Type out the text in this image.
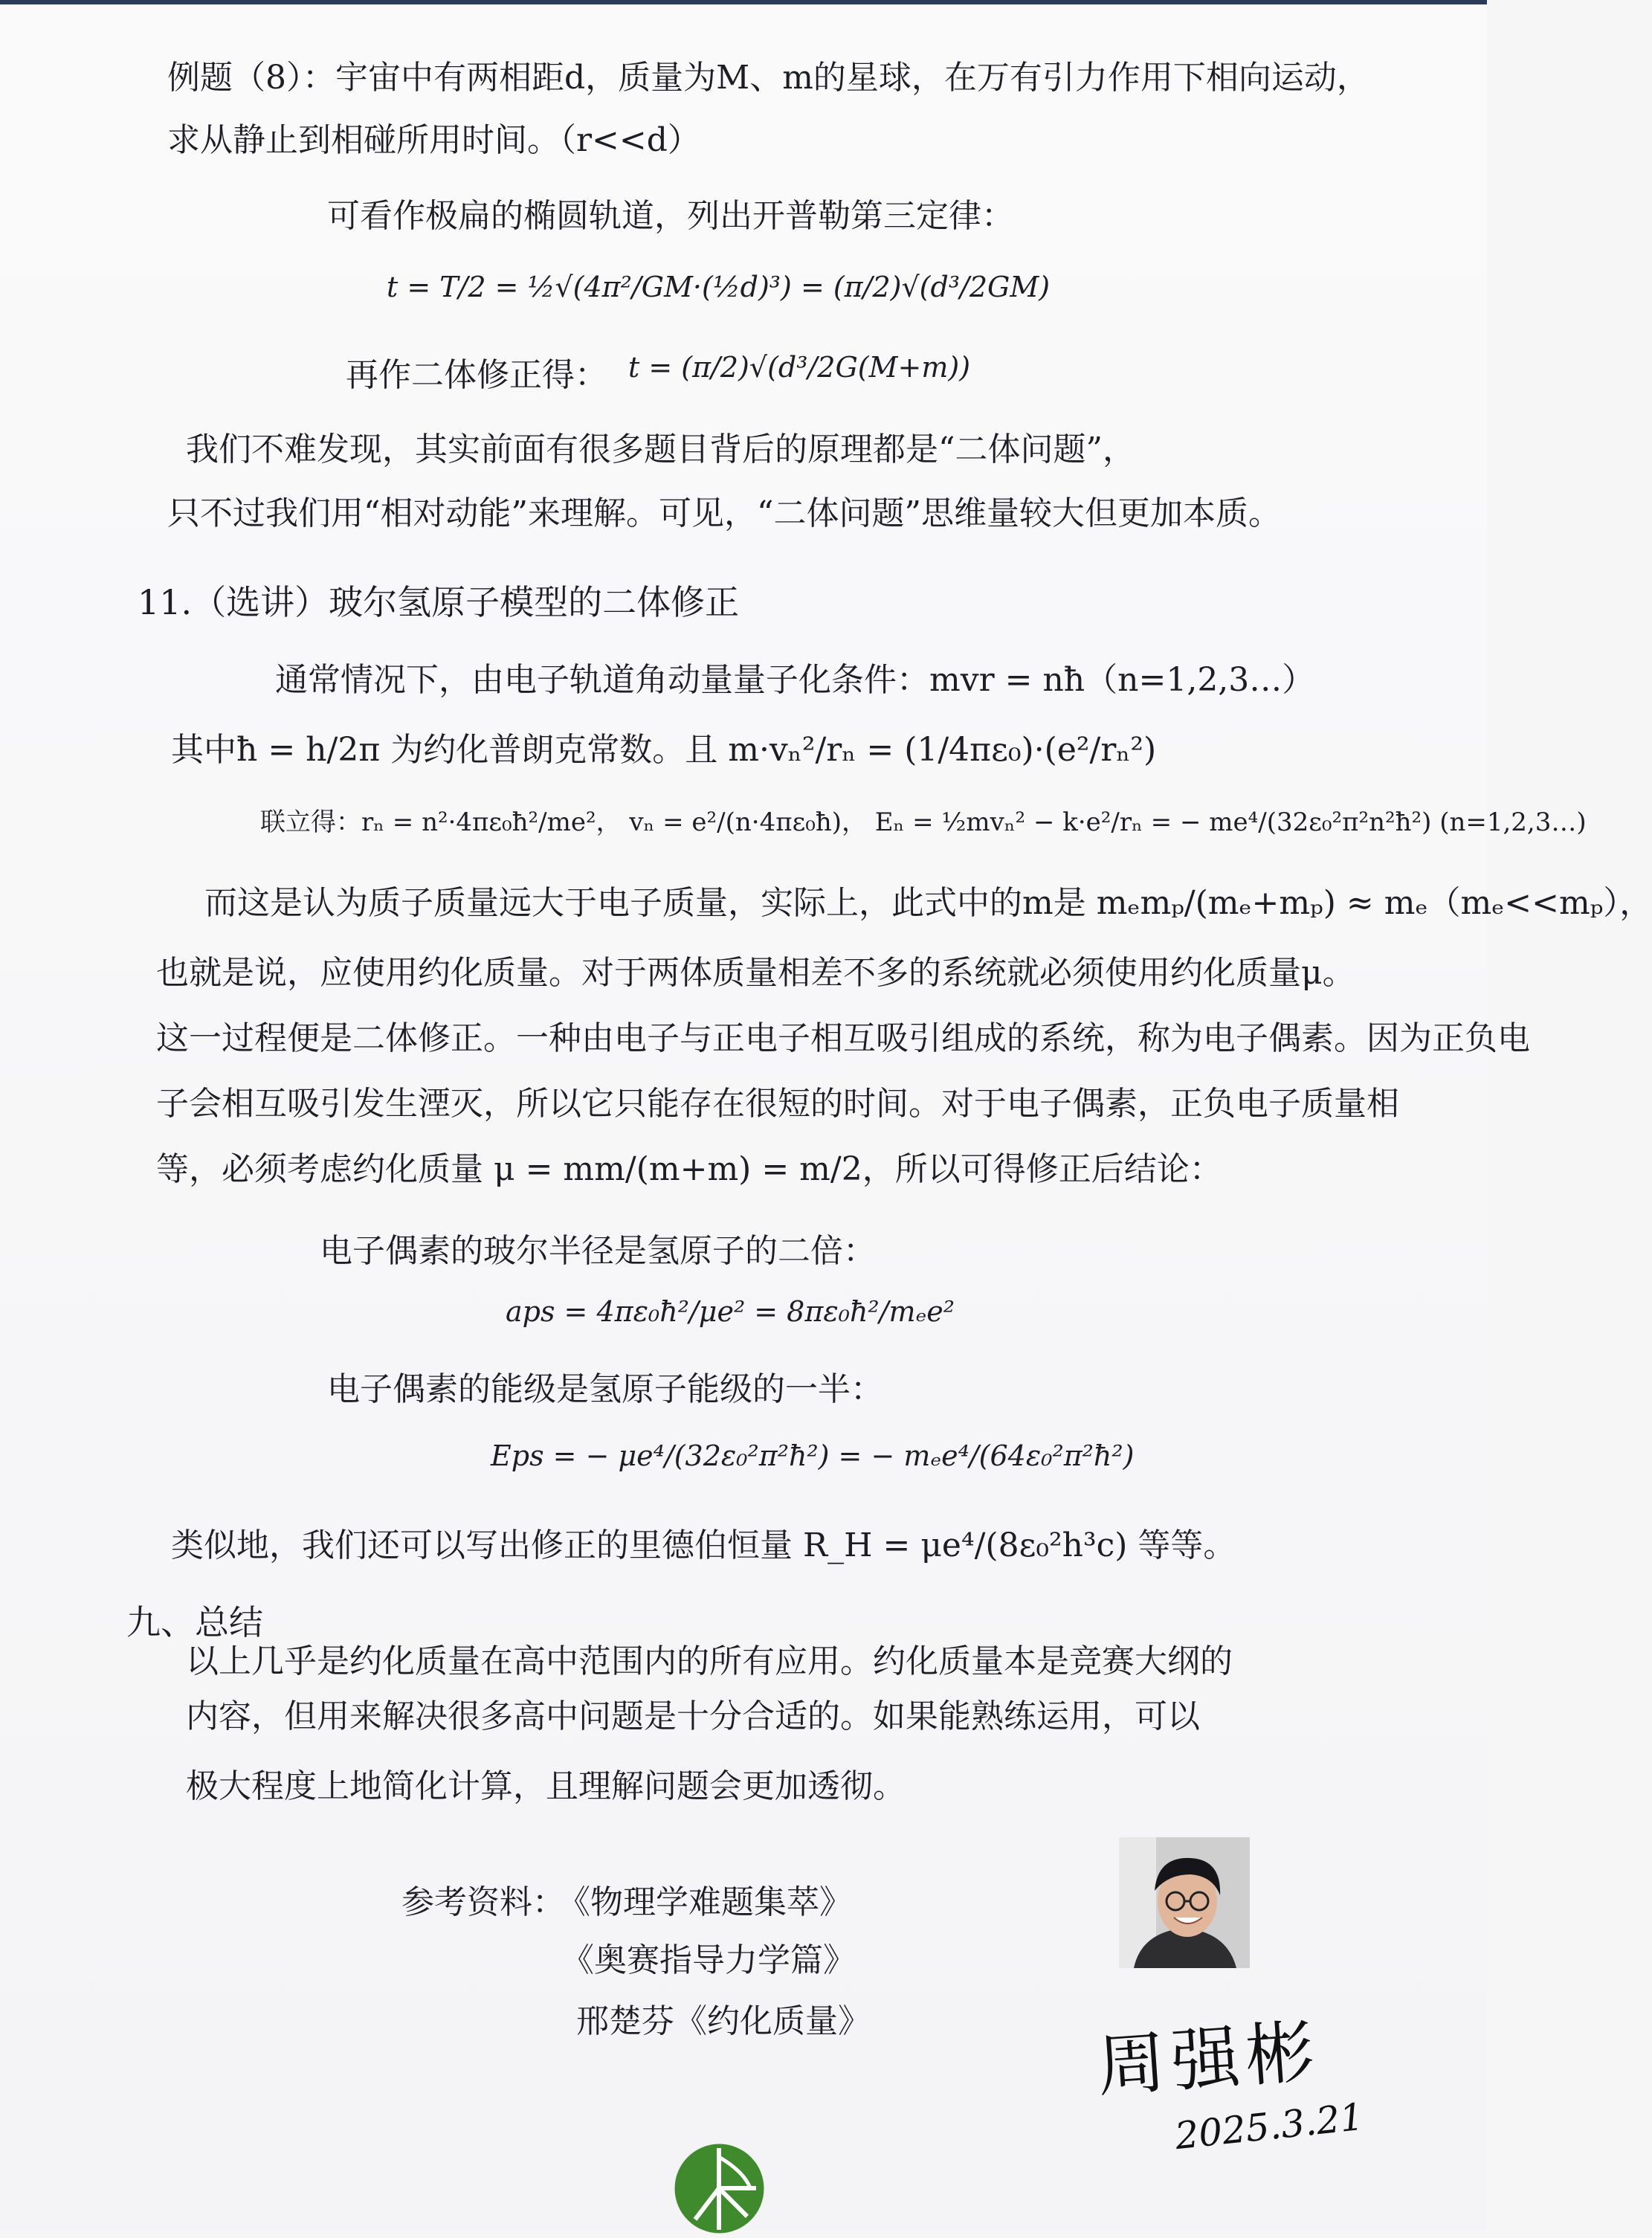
例题（8）：宇宙中有两相距d，质量为M、m的星球，在万有引力作用下相向运动，
求从静止到相碰所用时间。（r<<d）
可看作极扁的椭圆轨道，列出开普勒第三定律：
t = T/2 = ½√(4π²/GM·(½d)³) = (π/2)√(d³/2GM)
再作二体修正得： t = (π/2)√(d³/2G(M+m))
我们不难发现，其实前面有很多题目背后的原理都是“二体问题”，
只不过我们用“相对动能”来理解。可见，“二体问题”思维量较大但更加本质。
11.（选讲）玻尔氢原子模型的二体修正
通常情况下，由电子轨道角动量量子化条件：mvr = nħ（n=1,2,3…）
其中ħ = h/2π 为约化普朗克常数。且 m·vₙ²/rₙ = (1/4πε₀)·(e²/rₙ²)
联立得：rₙ = n²·4πε₀ħ²/me²， vₙ = e²/(n·4πε₀ħ)， Eₙ = ½mvₙ² − k·e²/rₙ = − me⁴/(32ε₀²π²n²ħ²) (n=1,2,3…)
而这是认为质子质量远大于电子质量，实际上，此式中的m是 mₑmₚ/(mₑ+mₚ) ≈ mₑ（mₑ<<mₚ），
也就是说，应使用约化质量。对于两体质量相差不多的系统就必须使用约化质量μ。
这一过程便是二体修正。一种由电子与正电子相互吸引组成的系统，称为电子偶素。因为正负电
子会相互吸引发生湮灭，所以它只能存在很短的时间。对于电子偶素，正负电子质量相
等，必须考虑约化质量 μ = mm/(m+m) = m/2，所以可得修正后结论：
电子偶素的玻尔半径是氢原子的二倍：
aps = 4πε₀ħ²/μe² = 8πε₀ħ²/mₑe²
电子偶素的能级是氢原子能级的一半：
Eps = − μe⁴/(32ε₀²π²ħ²) = − mₑe⁴/(64ε₀²π²ħ²)
类似地，我们还可以写出修正的里德伯恒量 R_H = μe⁴/(8ε₀²h³c) 等等。
九、总结
以上几乎是约化质量在高中范围内的所有应用。约化质量本是竞赛大纲的
内容，但用来解决很多高中问题是十分合适的。如果能熟练运用，可以
极大程度上地简化计算，且理解问题会更加透彻。
参考资料：
《物理学难题集萃》
《奥赛指导力学篇》
邢楚芬《约化质量》	周强彬
2025.3.21
